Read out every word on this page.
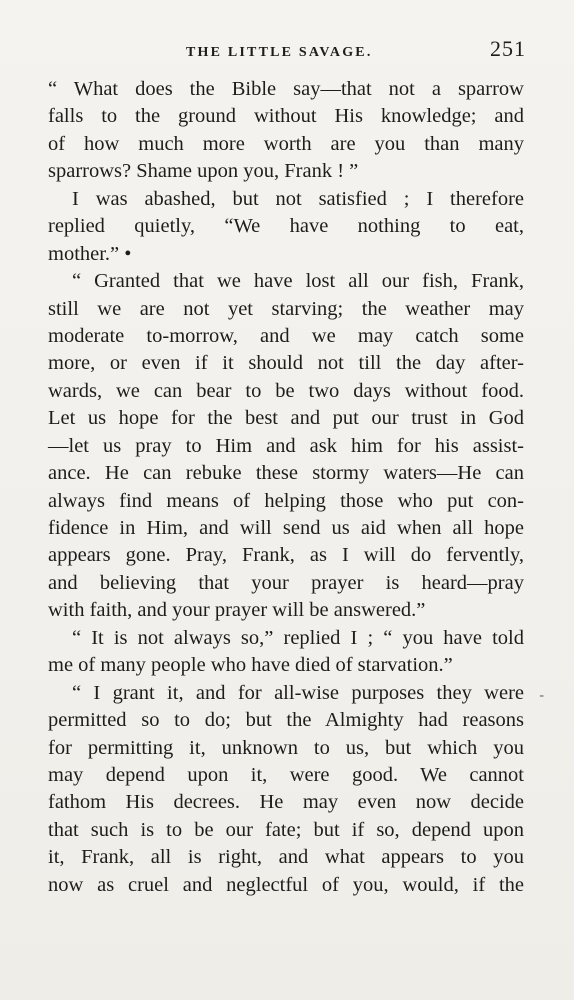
THE LITTLE SAVAGE.	251
“ What does the Bible say—that not a sparrow
falls to the ground without His knowledge; and
of how much more worth are you than many
sparrows? Shame upon you, Frank ! ”
I was abashed, but not satisfied ; I therefore
replied quietly, “We have nothing to eat,
mother.” •
“ Granted that we have lost all our fish, Frank,
still we are not yet starving; the weather may
moderate to-morrow, and we may catch some
more, or even if it should not till the day after-
wards, we can bear to be two days without food.
Let us hope for the best and put our trust in God
—let us pray to Him and ask him for his assist-
ance. He can rebuke these stormy waters—He can
always find means of helping those who put con-
fidence in Him, and will send us aid when all hope
appears gone. Pray, Frank, as I will do fervently,
and believing that your prayer is heard—pray
with faith, and your prayer will be answered.”
“ It is not always so,” replied I ; “ you have told
me of many people who have died of starvation.”
“ I grant it, and for all-wise purposes they were
permitted so to do; but the Almighty had reasons
for permitting it, unknown to us, but which you
may depend upon it, were good. We cannot
fathom His decrees. He may even now decide
that such is to be our fate; but if so, depend upon
it, Frank, all is right, and what appears to you
now as cruel and neglectful of you, would, if the
-
